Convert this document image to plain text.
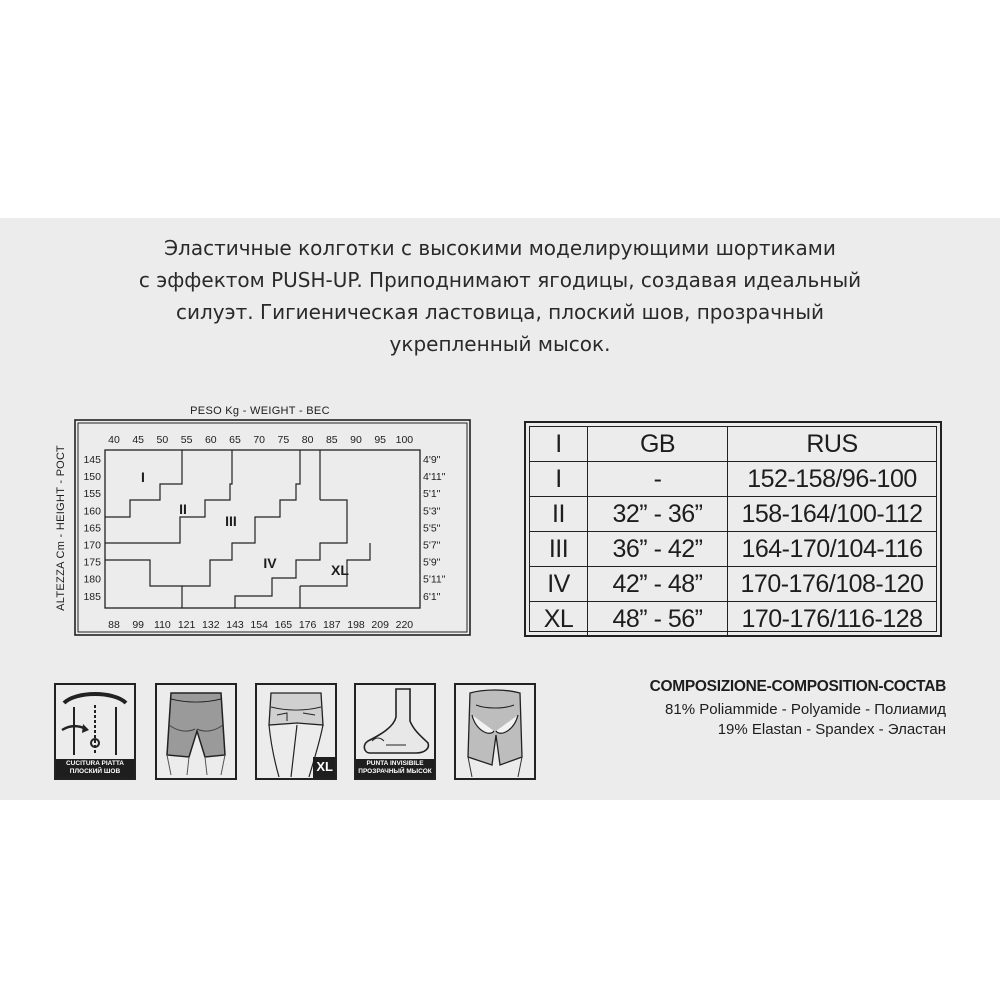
Эластичные колготки с высокими моделирующими шортиками
с эффектом PUSH-UP. Приподнимают ягодицы, создавая идеальный
силуэт. Гигиеническая ластовица, плоский шов, прозрачный
укрепленный мысок.
PESO Kg - WEIGHT - ВЕС
ALTEZZA Cm - HEIGHT - РОСТ
40 45 50 55 60 65 70 75 80 85 90 95 100
88 99 110 121 132 143 154 165 176 187 198 209 220
145
150
155
160
165
170
175
180
185
4'9"
4'11"
5'1"
5'3"
5'5"
5'7"
5'9"
5'11"
6'1"
I
II
III
IV	XL
I	GB	RUS
I	-	152-158/96-100
II	32” - 36”	158-164/100-112
III	36” - 42”	164-170/104-116
IV	42” - 48”	170-176/108-120
XL	48” - 56”	170-176/116-128
CUCITURA PIATTA
ПЛОСКИЙ ШОВ	XL	PUNTA INVISIBILE
ПРОЗРАЧНЫЙ МЫСОК
COMPOSIZIONE-COMPOSITION-СОСТАВ
81% Poliammide - Polyamide - Полиамид
19% Elastan - Spandex - Эластан
